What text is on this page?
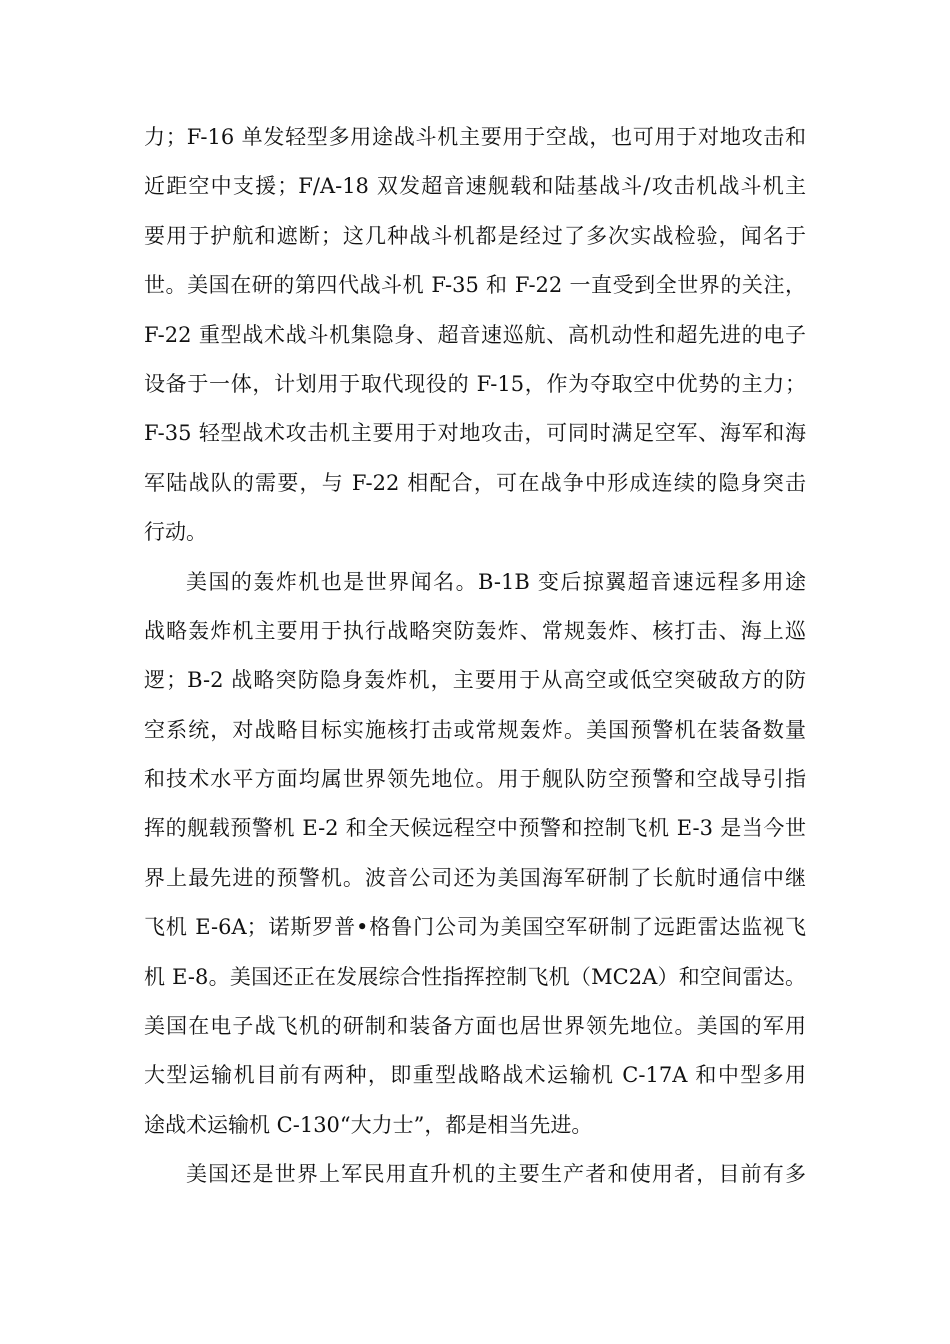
力；F-16 单发轻型多用途战斗机主要用于空战，也可用于对地攻击和
近距空中支援；F/A-18 双发超音速舰载和陆基战斗/攻击机战斗机主
要用于护航和遮断；这几种战斗机都是经过了多次实战检验，闻名于
世。美国在研的第四代战斗机 F-35 和 F-22 一直受到全世界的关注，
F-22 重型战术战斗机集隐身、超音速巡航、高机动性和超先进的电子
设备于一体，计划用于取代现役的 F-15，作为夺取空中优势的主力；
F-35 轻型战术攻击机主要用于对地攻击，可同时满足空军、海军和海
军陆战队的需要，与 F-22 相配合，可在战争中形成连续的隐身突击
行动。
美国的轰炸机也是世界闻名。B-1B 变后掠翼超音速远程多用途
战略轰炸机主要用于执行战略突防轰炸、常规轰炸、核打击、海上巡
逻；B-2 战略突防隐身轰炸机，主要用于从高空或低空突破敌方的防
空系统，对战略目标实施核打击或常规轰炸。美国预警机在装备数量
和技术水平方面均属世界领先地位。用于舰队防空预警和空战导引指
挥的舰载预警机 E-2 和全天候远程空中预警和控制飞机 E-3 是当今世
界上最先进的预警机。波音公司还为美国海军研制了长航时通信中继
飞机 E-6A；诺斯罗普•格鲁门公司为美国空军研制了远距雷达监视飞
机 E-8。美国还正在发展综合性指挥控制飞机（MC2A）和空间雷达。
美国在电子战飞机的研制和装备方面也居世界领先地位。美国的军用
大型运输机目前有两种，即重型战略战术运输机 C-17A 和中型多用
途战术运输机 C-130“大力士”，都是相当先进。
美国还是世界上军民用直升机的主要生产者和使用者，目前有多
